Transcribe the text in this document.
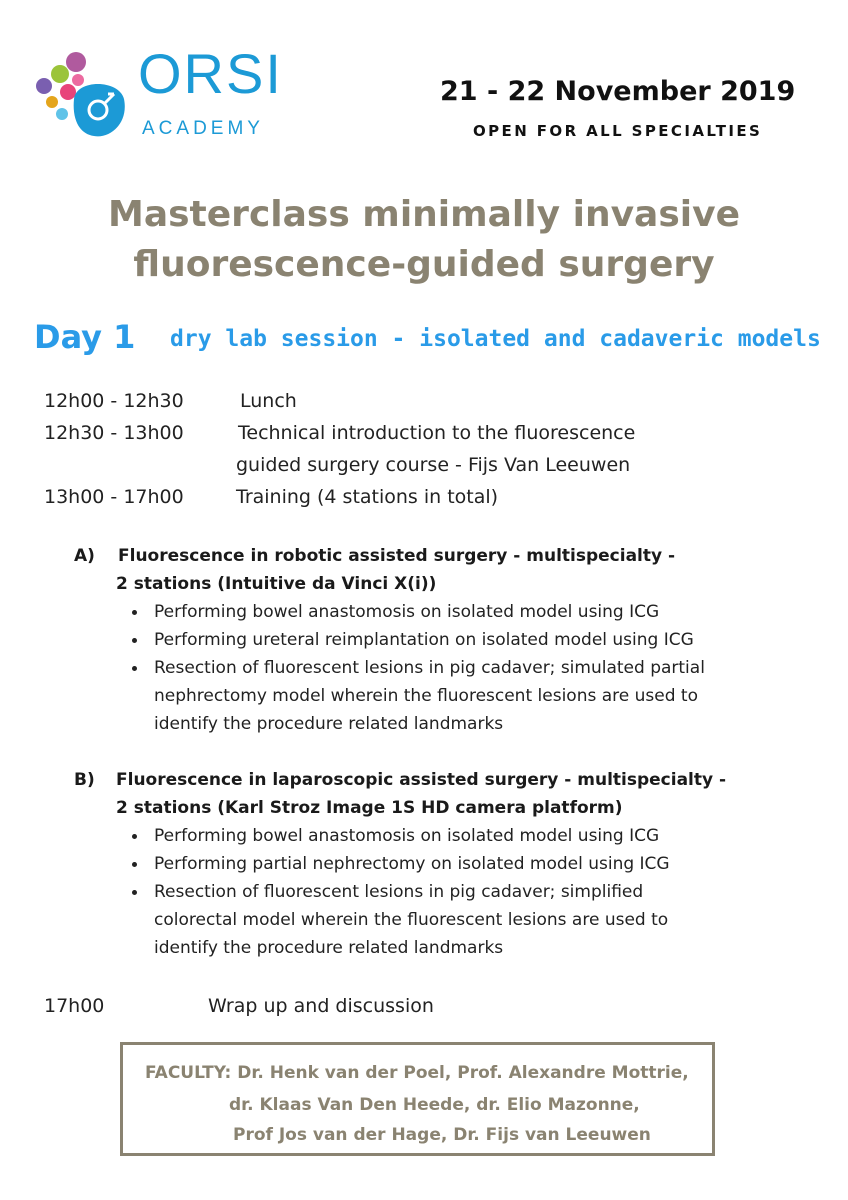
ORSI
ACADEMY
21 - 22 November 2019
OPEN FOR ALL SPECIALTIES
Masterclass minimally invasive
fluorescence-guided surgery
Day 1 dry lab session - isolated and cadaveric models
12h00 - 12h30	Lunch
12h30 - 13h00	Technical introduction to the fluorescence
guided surgery course - Fijs Van Leeuwen
13h00 - 17h00	Training (4 stations in total)
A) Fluorescence in robotic assisted surgery - multispecialty -
2 stations (Intuitive da Vinci X(i))
Performing bowel anastomosis on isolated model using ICG
Performing ureteral reimplantation on isolated model using ICG
Resection of fluorescent lesions in pig cadaver; simulated partial
nephrectomy model wherein the fluorescent lesions are used to
identify the procedure related landmarks
B) Fluorescence in laparoscopic assisted surgery - multispecialty -
2 stations (Karl Stroz Image 1S HD camera platform)
Performing bowel anastomosis on isolated model using ICG
Performing partial nephrectomy on isolated model using ICG
Resection of fluorescent lesions in pig cadaver; simplified
colorectal model wherein the fluorescent lesions are used to
identify the procedure related landmarks
17h00	Wrap up and discussion
FACULTY: Dr. Henk van der Poel, Prof. Alexandre Mottrie,
dr. Klaas Van Den Heede, dr. Elio Mazonne,
Prof Jos van der Hage, Dr. Fijs van Leeuwen
